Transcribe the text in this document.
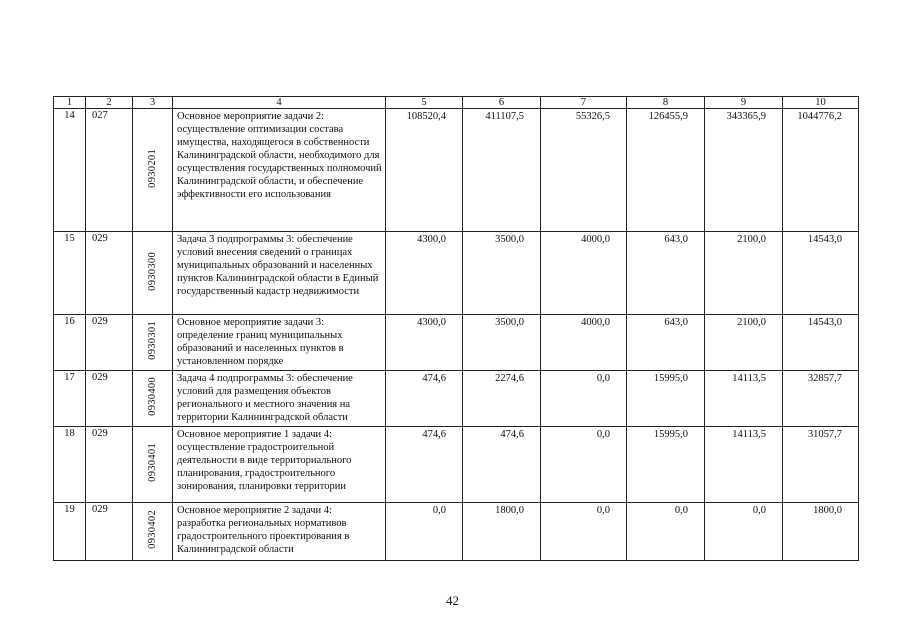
1	2	3	4	5	6	7	8	9	10
14	027	0930201	Основное мероприятие задачи 2: осуществление оптимизации состава имущества, находящегося в собственности Калининградской области, необходимого для осуществления государственных полномочий Калининградской области, и обеспечение эффективности его использования	108520,4	411107,5	55326,5	126455,9	343365,9	1044776,2
15	029	0930300	Задача 3 подпрограммы 3: обеспечение условий внесения сведений о границах муниципальных образований и населенных пунктов Калининградской области в Единый государственный кадастр недвижимости	4300,0	3500,0	4000,0	643,0	2100,0	14543,0
16	029	0930301	Основное мероприятие задачи 3: определение границ муниципальных образований и населенных пунктов в установленном порядке	4300,0	3500,0	4000,0	643,0	2100,0	14543,0
17	029	0930400	Задача 4 подпрограммы 3: обеспечение условий для размещения объектов регионального и местного значения на территории Калининградской области	474,6	2274,6	0,0	15995,0	14113,5	32857,7
18	029	0930401	Основное мероприятие 1 задачи 4: осуществление градостроительной деятельности в виде территориального планирования, градостроительного зонирования, планировки территории	474,6	474,6	0,0	15995,0	14113,5	31057,7
19	029	0930402	Основное мероприятие 2 задачи 4: разработка региональных нормативов градостроительного проектирования в Калининградской области	0,0	1800,0	0,0	0,0	0,0	1800,0
42
